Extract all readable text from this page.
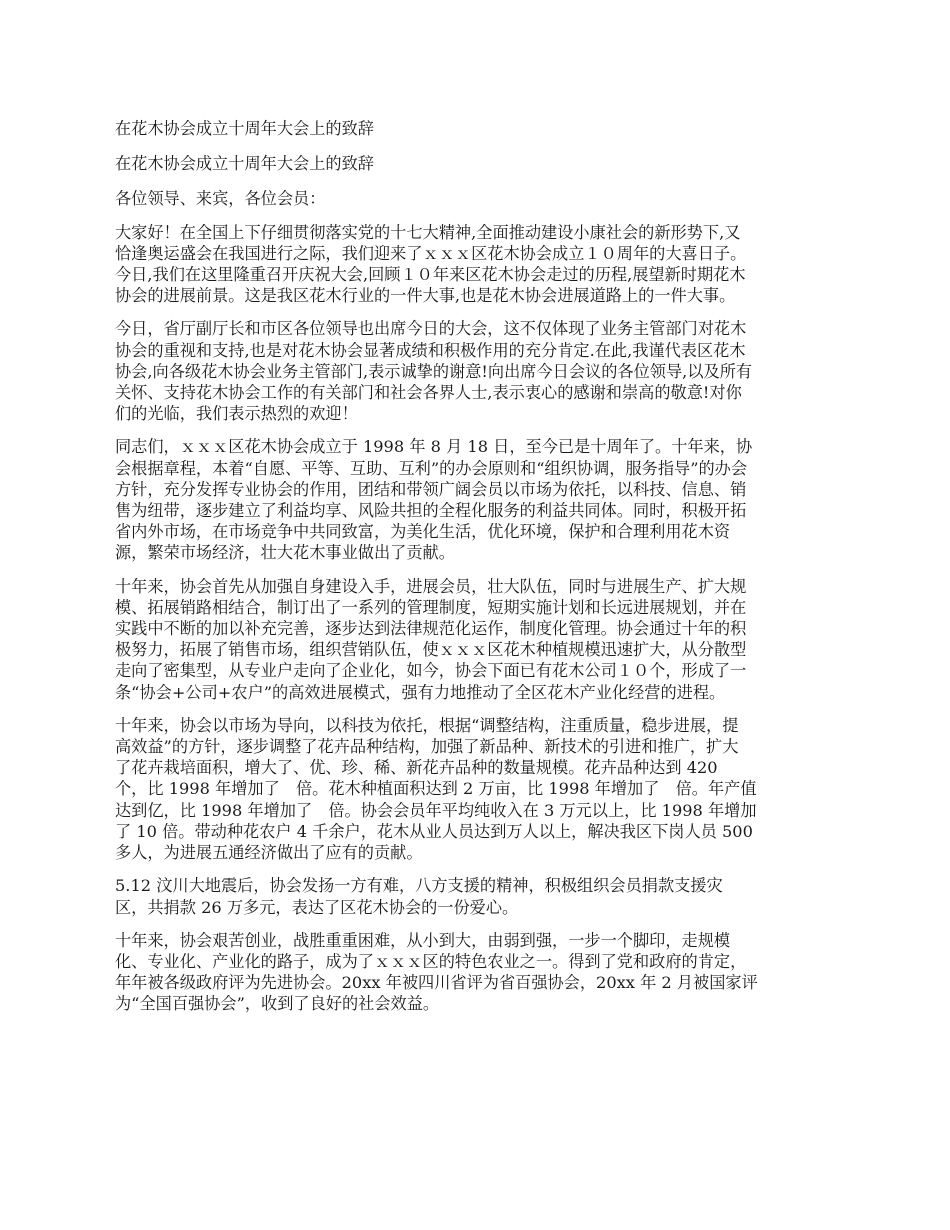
在花木协会成立十周年大会上的致辞
在花木协会成立十周年大会上的致辞
各位领导、来宾，各位会员：
大家好！在全国上下仔细贯彻落实党的十七大精神,全面推动建设小康社会的新形势下,又
恰逢奥运盛会在我国进行之际，我们迎来了ｘｘｘ区花木协会成立１０周年的大喜日子。
今日,我们在这里隆重召开庆祝大会,回顾１０年来区花木协会走过的历程,展望新时期花木
协会的进展前景。这是我区花木行业的一件大事,也是花木协会进展道路上的一件大事。
今日，省厅副厅长和市区各位领导也出席今日的大会，这不仅体现了业务主管部门对花木
协会的重视和支持,也是对花木协会显著成绩和积极作用的充分肯定.在此,我谨代表区花木
协会,向各级花木协会业务主管部门,表示诚挚的谢意!向出席今日会议的各位领导,以及所有
关怀、支持花木协会工作的有关部门和社会各界人士,表示衷心的感谢和崇高的敬意!对你
们的光临，我们表示热烈的欢迎！
同志们，ｘｘｘ区花木协会成立于 1998 年 8 月 18 日，至今已是十周年了。十年来，协
会根据章程，本着“自愿、平等、互助、互利”的办会原则和“组织协调，服务指导”的办会
方针，充分发挥专业协会的作用，团结和带领广阔会员以市场为依托，以科技、信息、销
售为纽带，逐步建立了利益均享、风险共担的全程化服务的利益共同体。同时，积极开拓
省内外市场，在市场竞争中共同致富，为美化生活，优化环境，保护和合理利用花木资
源，繁荣市场经济，壮大花木事业做出了贡献。
十年来，协会首先从加强自身建设入手，进展会员，壮大队伍，同时与进展生产、扩大规
模、拓展销路相结合，制订出了一系列的管理制度，短期实施计划和长远进展规划，并在
实践中不断的加以补充完善，逐步达到法律规范化运作，制度化管理。协会通过十年的积
极努力，拓展了销售市场，组织营销队伍，使ｘｘｘ区花木种植规模迅速扩大，从分散型
走向了密集型，从专业户走向了企业化，如今，协会下面已有花木公司１０个，形成了一
条“协会+公司+农户”的高效进展模式，强有力地推动了全区花木产业化经营的进程。
十年来，协会以市场为导向，以科技为依托，根据“调整结构，注重质量，稳步进展，提
高效益”的方针，逐步调整了花卉品种结构，加强了新品种、新技术的引进和推广，扩大
了花卉栽培面积，增大了、优、珍、稀、新花卉品种的数量规模。花卉品种达到 420
个，比 1998 年增加了　倍。花木种植面积达到 2 万亩，比 1998 年增加了　倍。年产值
达到亿，比 1998 年增加了　倍。协会会员年平均纯收入在 3 万元以上，比 1998 年增加
了 10 倍。带动种花农户 4 千余户，花木从业人员达到万人以上，解决我区下岗人员 500
多人，为进展五通经济做出了应有的贡献。
5.12 汶川大地震后，协会发扬一方有难，八方支援的精神，积极组织会员捐款支援灾
区，共捐款 26 万多元，表达了区花木协会的一份爱心。
十年来，协会艰苦创业，战胜重重困难，从小到大，由弱到强，一步一个脚印，走规模
化、专业化、产业化的路子，成为了ｘｘｘ区的特色农业之一。得到了党和政府的肯定，
年年被各级政府评为先进协会。20xx 年被四川省评为省百强协会，20xx 年 2 月被国家评
为“全国百强协会”，收到了良好的社会效益。
